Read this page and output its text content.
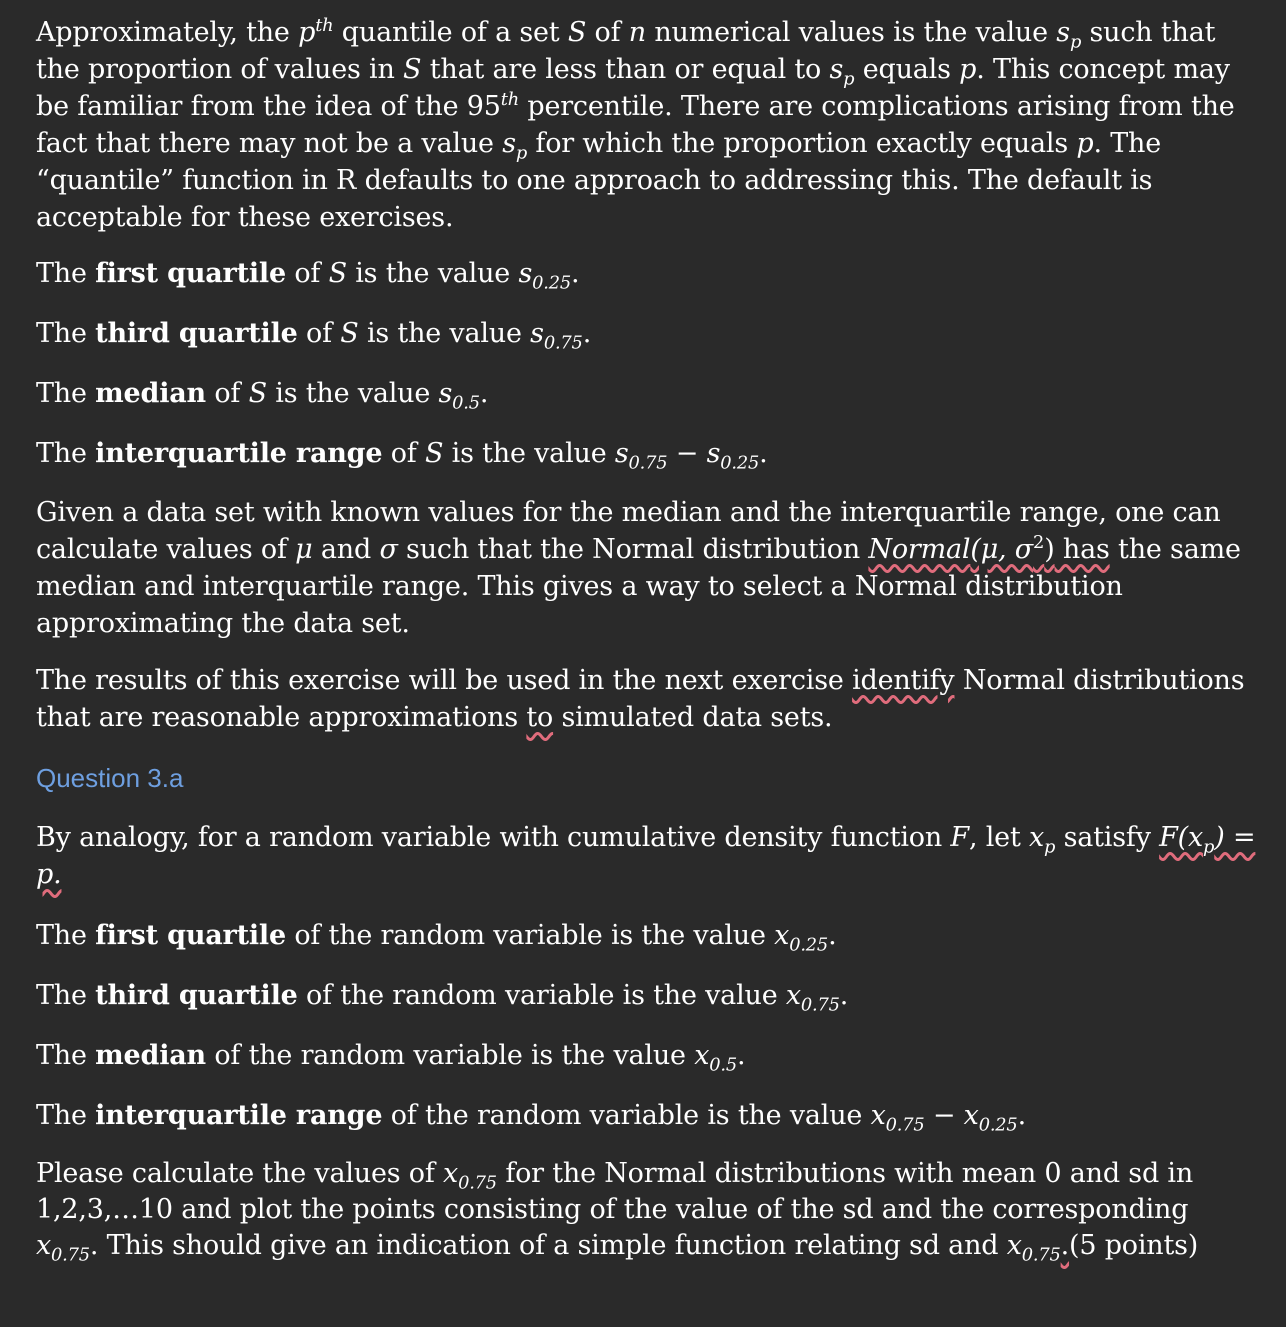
Approximately, the $p^{th}$ quantile of a set S of n numerical values is the value $s_p$ such that the proportion of values in S that are less than or equal to $s_p$ equals p. This concept may be familiar from the idea of the 95th percentile. There are complications arising from the fact that there may not be a value $s_p$ for which the proportion exactly equals p. The “quantile” function in R defaults to one approach to addressing this. The default is acceptable for these exercises.

The first quartile of S is the value $s_{0.25}$.

The third quartile of S is the value $s_{0.75}$.

The median of S is the value $s_{0.5}$.

The interquartile range of S is the value $s_{0.75} - s_{0.25}$.

Given a data set with known values for the median and the interquartile range, one can calculate values of μ and σ such that the Normal distribution Normal(μ, $\sigma^2$) has the same median and interquartile range. This gives a way to select a Normal distribution approximating the data set.

The results of this exercise will be used in the next exercise identify Normal distributions that are reasonable approximations to simulated data sets.

Question 3.a

By analogy, for a random variable with cumulative density function F, let $x_p$ satisfy $F(x_p) = p$.

The first quartile of the random variable is the value $x_{0.25}$.

The third quartile of the random variable is the value $x_{0.75}$.

The median of the random variable is the value $x_{0.5}$.

The interquartile range of the random variable is the value $x_{0.75} - x_{0.25}$.

Please calculate the values of $x_{0.75}$ for the Normal distributions with mean 0 and sd in 1,2,3,…10 and plot the points consisting of the value of the sd and the corresponding $x_{0.75}$. This should give an indication of a simple function relating sd and $x_{0.75}.(5$ points)
